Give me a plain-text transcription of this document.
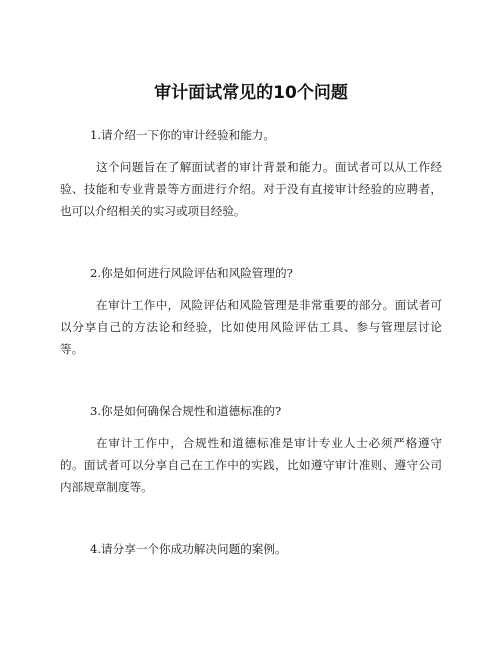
审计面试常见的10个问题

1.请介绍一下你的审计经验和能力。

这个问题旨在了解面试者的审计背景和能力。面试者可以从工作经验、技能和专业背景等方面进行介绍。对于没有直接审计经验的应聘者，也可以介绍相关的实习或项目经验。

2.你是如何进行风险评估和风险管理的?

在审计工作中，风险评估和风险管理是非常重要的部分。面试者可以分享自己的方法论和经验，比如使用风险评估工具、参与管理层讨论等。

3.你是如何确保合规性和道德标准的?

在审计工作中，合规性和道德标准是审计专业人士必须严格遵守的。面试者可以分享自己在工作中的实践，比如遵守审计准则、遵守公司内部规章制度等。

4.请分享一个你成功解决问题的案例。
